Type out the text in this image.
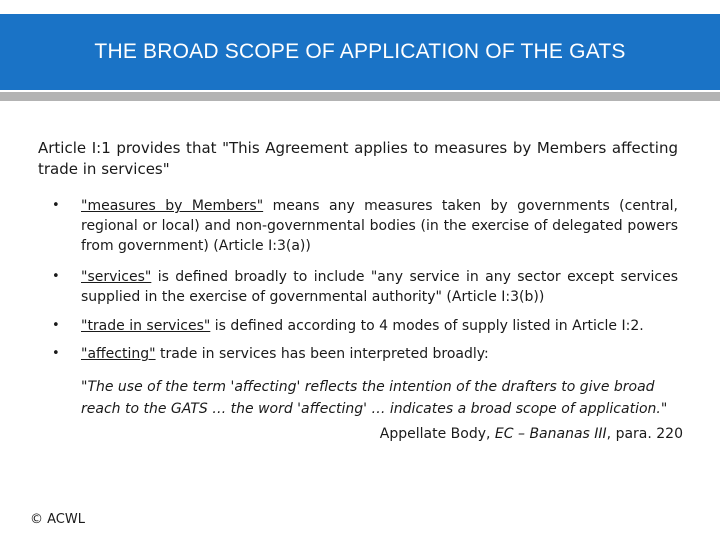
THE BROAD SCOPE OF APPLICATION OF THE GATS
Article I:1 provides that "This Agreement applies to measures by Members affecting trade in services"
• "measures by Members" means any measures taken by governments (central, regional or local) and non-governmental bodies (in the exercise of delegated powers from government) (Article I:3(a))
• "services" is defined broadly to include "any service in any sector except services supplied in the exercise of governmental authority" (Article I:3(b))
• "trade in services" is defined according to 4 modes of supply listed in Article I:2.
• "affecting" trade in services has been interpreted broadly:
"The use of the term 'affecting' reflects the intention of the drafters to give broad reach to the GATS … the word 'affecting' … indicates a broad scope of application."
Appellate Body, EC – Bananas III, para. 220
© ACWL
